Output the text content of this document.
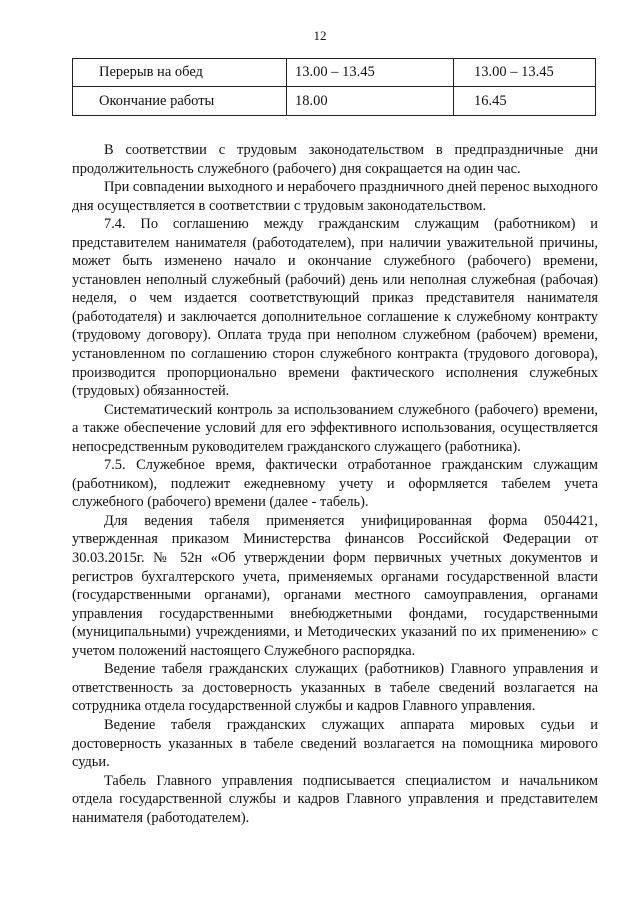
12
Перерыв на обед	13.00 – 13.45	13.00 – 13.45
Окончание работы	18.00	16.45

В соответствии с трудовым законодательством в предпраздничные дни продолжительность служебного (рабочего) дня сокращается на один час.

При совпадении выходного и нерабочего праздничного дней перенос выходного дня осуществляется в соответствии с трудовым законодательством.

7.4. По соглашению между гражданским служащим (работником) и представителем нанимателя (работодателем), при наличии уважительной причины, может быть изменено начало и окончание служебного (рабочего) времени, установлен неполный служебный (рабочий) день или неполная служебная (рабочая) неделя, о чем издается соответствующий приказ представителя нанимателя (работодателя) и заключается дополнительное соглашение к служебному контракту (трудовому договору). Оплата труда при неполном служебном (рабочем) времени, установленном по соглашению сторон служебного контракта (трудового договора), производится пропорционально времени фактического исполнения служебных (трудовых) обязанностей.

Систематический контроль за использованием служебного (рабочего) времени, а также обеспечение условий для его эффективного использования, осуществляется непосредственным руководителем гражданского служащего (работника).

7.5. Служебное время, фактически отработанное гражданским служащим (работником), подлежит ежедневному учету и оформляется табелем учета служебного (рабочего) времени (далее - табель).

Для ведения табеля применяется унифицированная форма 0504421, утвержденная приказом Министерства финансов Российской Федерации от 30.03.2015г. № 52н «Об утверждении форм первичных учетных документов и регистров бухгалтерского учета, применяемых органами государственной власти (государственными органами), органами местного самоуправления, органами управления государственными внебюджетными фондами, государственными (муниципальными) учреждениями, и Методических указаний по их применению» с учетом положений настоящего Служебного распорядка.

Ведение табеля гражданских служащих (работников) Главного управления и ответственность за достоверность указанных в табеле сведений возлагается на сотрудника отдела государственной службы и кадров Главного управления.

Ведение табеля гражданских служащих аппарата мировых судьи и достоверность указанных в табеле сведений возлагается на помощника мирового судьи.

Табель Главного управления подписывается специалистом и начальником отдела государственной службы и кадров Главного управления и представителем нанимателя (работодателем).
